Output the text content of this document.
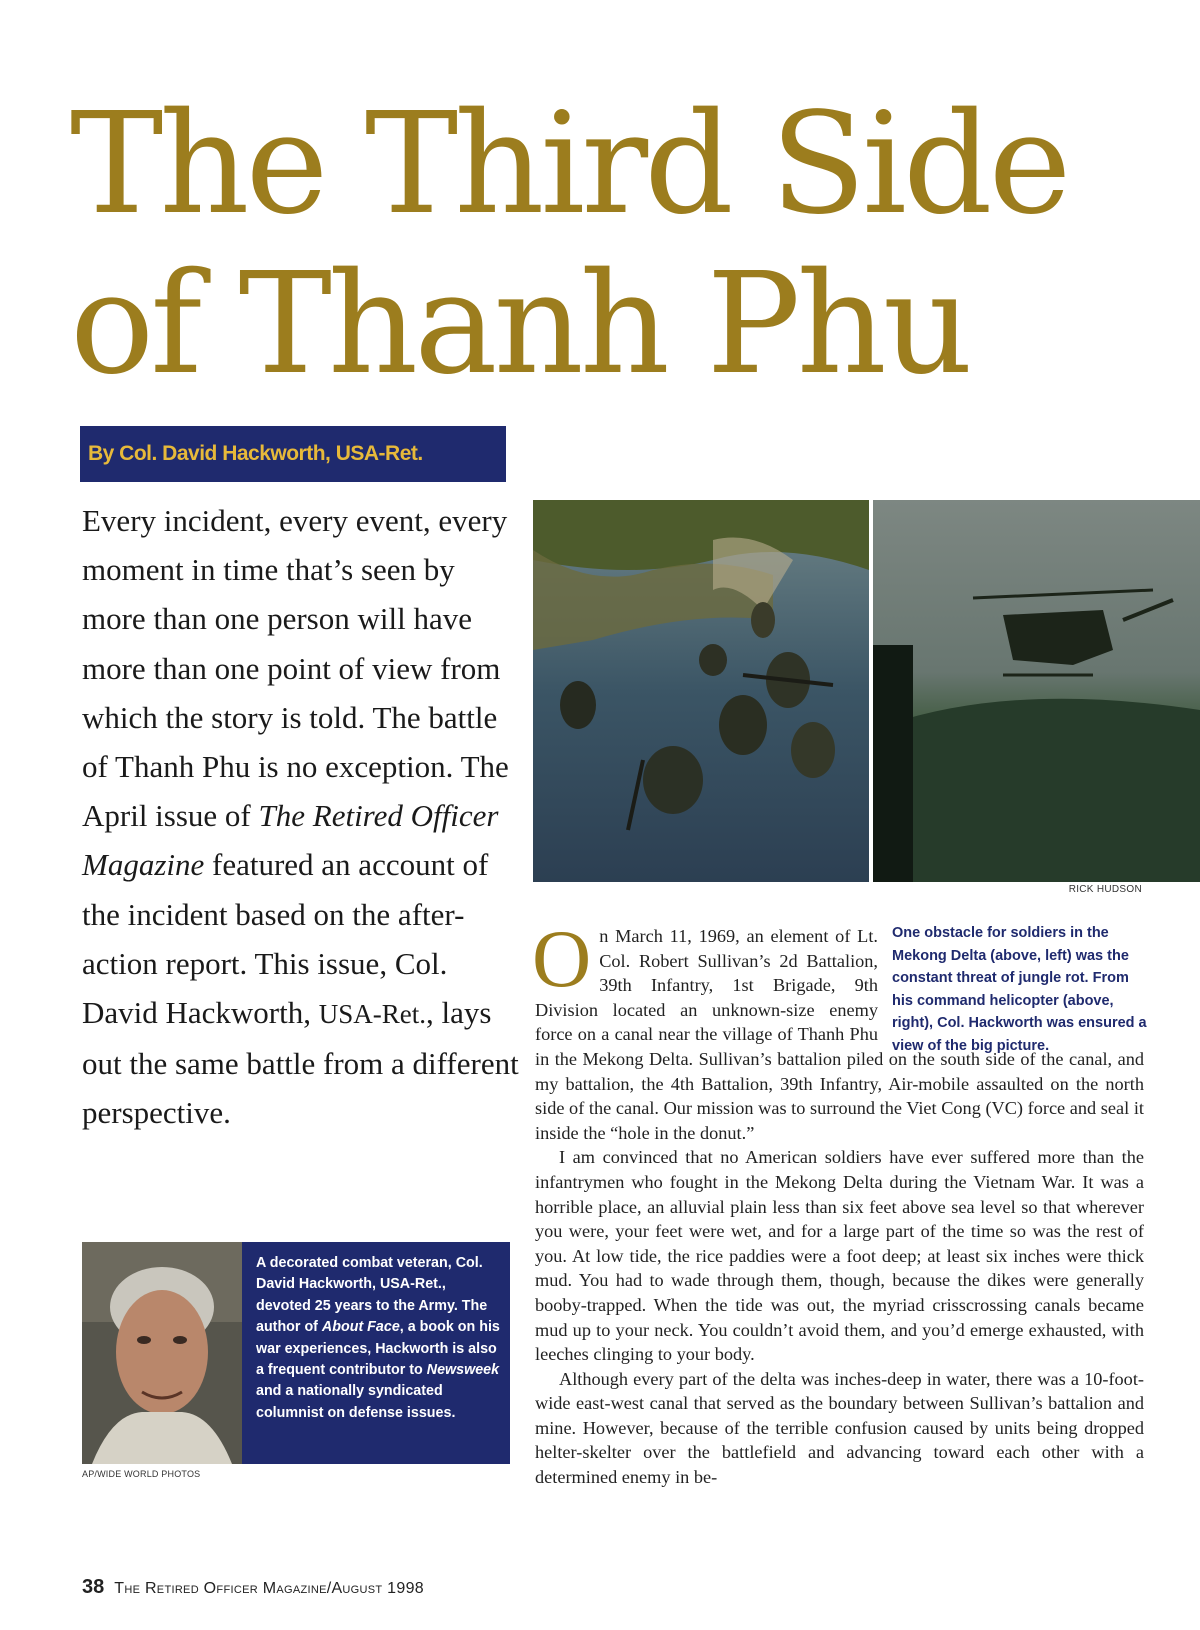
The Third Side
of Thanh Phu
By Col. David Hackworth, USA-Ret.

Every incident, every event, every moment in time that’s seen by more than one person will have more than one point of view from which the story is told. The battle of Thanh Phu is no exception. The April issue of The Retired Officer Magazine featured an account of the incident based on the after-action report. This issue, Col. David Hackworth, USA-Ret., lays out the same battle from a different perspective.

RICK HUDSON

One obstacle for soldiers in the Mekong Delta (above, left) was the constant threat of jungle rot. From his command helicopter (above, right), Col. Hackworth was ensured a view of the big picture.

On March 11, 1969, an element of Lt. Col. Robert Sullivan’s 2d Battalion, 39th Infantry, 1st Brigade, 9th Division located an unknown-size enemy force on a canal near the village of Thanh Phu in the Mekong Delta. Sullivan’s battalion piled on the south side of the canal, and my battalion, the 4th Battalion, 39th Infantry, Air-mobile assaulted on the north side of the canal. Our mission was to surround the Viet Cong (VC) force and seal it inside the “hole in the donut.”

I am convinced that no American soldiers have ever suffered more than the infantrymen who fought in the Mekong Delta during the Vietnam War. It was a horrible place, an alluvial plain less than six feet above sea level so that wherever you were, your feet were wet, and for a large part of the time so was the rest of you. At low tide, the rice paddies were a foot deep; at least six inches were thick mud. You had to wade through them, though, because the dikes were generally booby-trapped. When the tide was out, the myriad crisscrossing canals became mud up to your neck. You couldn’t avoid them, and you’d emerge exhausted, with leeches clinging to your body.

Although every part of the delta was inches-deep in water, there was a 10-foot-wide east-west canal that served as the boundary between Sullivan’s battalion and mine. However, because of the terrible confusion caused by units being dropped helter-skelter over the battlefield and advancing toward each other with a determined enemy in be-

A decorated combat veteran, Col. David Hackworth, USA-Ret., devoted 25 years to the Army. The author of About Face, a book on his war experiences, Hackworth is also a frequent contributor to Newsweek and a nationally syndicated columnist on defense issues.

AP/WIDE WORLD PHOTOS
38 The Retired Officer Magazine/August 1998
